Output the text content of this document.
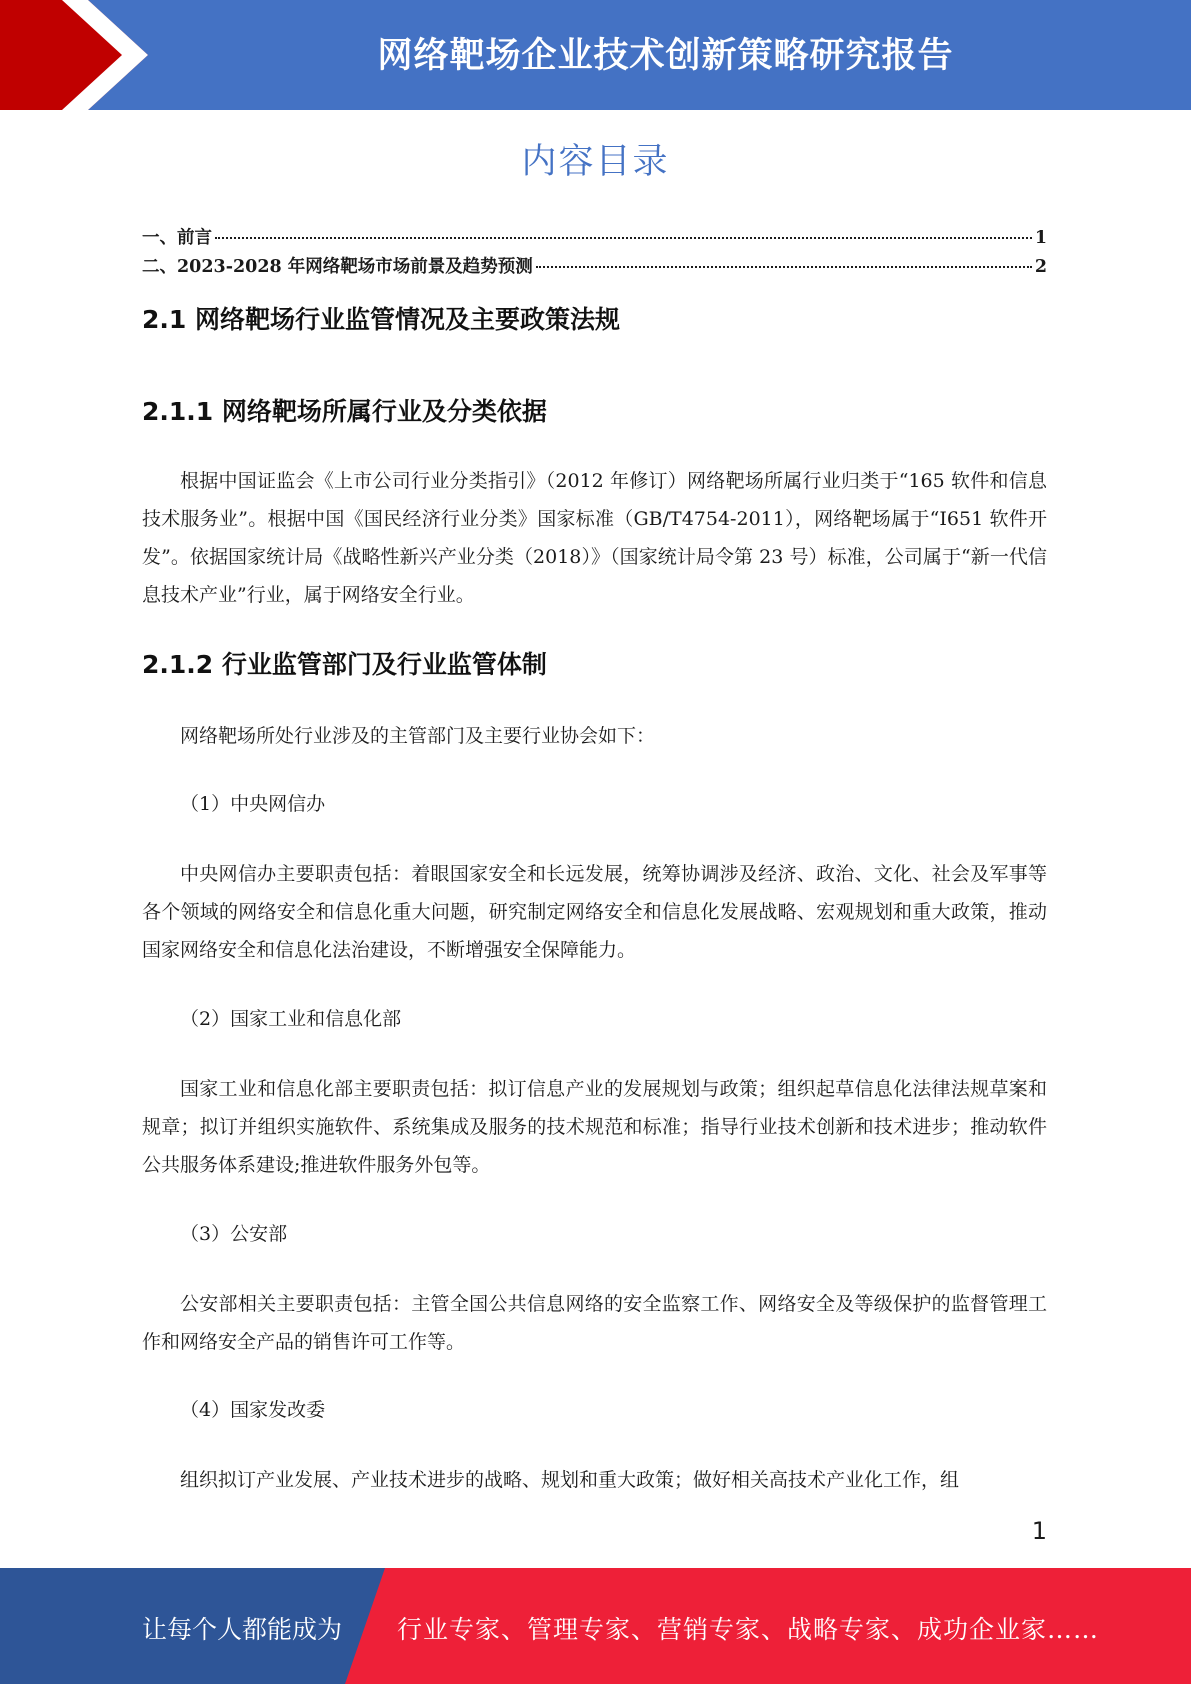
网络靶场企业技术创新策略研究报告
内容目录
一、前言	1
二、2023-2028 年网络靶场市场前景及趋势预测	2
2.1 网络靶场行业监管情况及主要政策法规
2.1.1 网络靶场所属行业及分类依据

根据中国证监会《上市公司行业分类指引》（2012 年修订）网络靶场所属行业归类于“165 软件和信息技术服务业”。根据中国《国民经济行业分类》国家标准（GB/T4754-2011），网络靶场属于“I651 软件开发”。依据国家统计局《战略性新兴产业分类（2018）》（国家统计局令第 23 号）标准，公司属于“新一代信息技术产业”行业，属于网络安全行业。

2.1.2 行业监管部门及行业监管体制

网络靶场所处行业涉及的主管部门及主要行业协会如下：

（1）中央网信办

中央网信办主要职责包括：着眼国家安全和长远发展，统筹协调涉及经济、政治、文化、社会及军事等各个领域的网络安全和信息化重大问题，研究制定网络安全和信息化发展战略、宏观规划和重大政策，推动国家网络安全和信息化法治建设，不断增强安全保障能力。

（2）国家工业和信息化部

国家工业和信息化部主要职责包括：拟订信息产业的发展规划与政策；组织起草信息化法律法规草案和规章；拟订并组织实施软件、系统集成及服务的技术规范和标准；指导行业技术创新和技术进步；推动软件公共服务体系建设;推进软件服务外包等。

（3）公安部

公安部相关主要职责包括：主管全国公共信息网络的安全监察工作、网络安全及等级保护的监督管理工作和网络安全产品的销售许可工作等。

（4）国家发改委

组织拟订产业发展、产业技术进步的战略、规划和重大政策；做好相关高技术产业化工作，组

1
让每个人都能成为 行业专家、管理专家、营销专家、战略专家、成功企业家……
